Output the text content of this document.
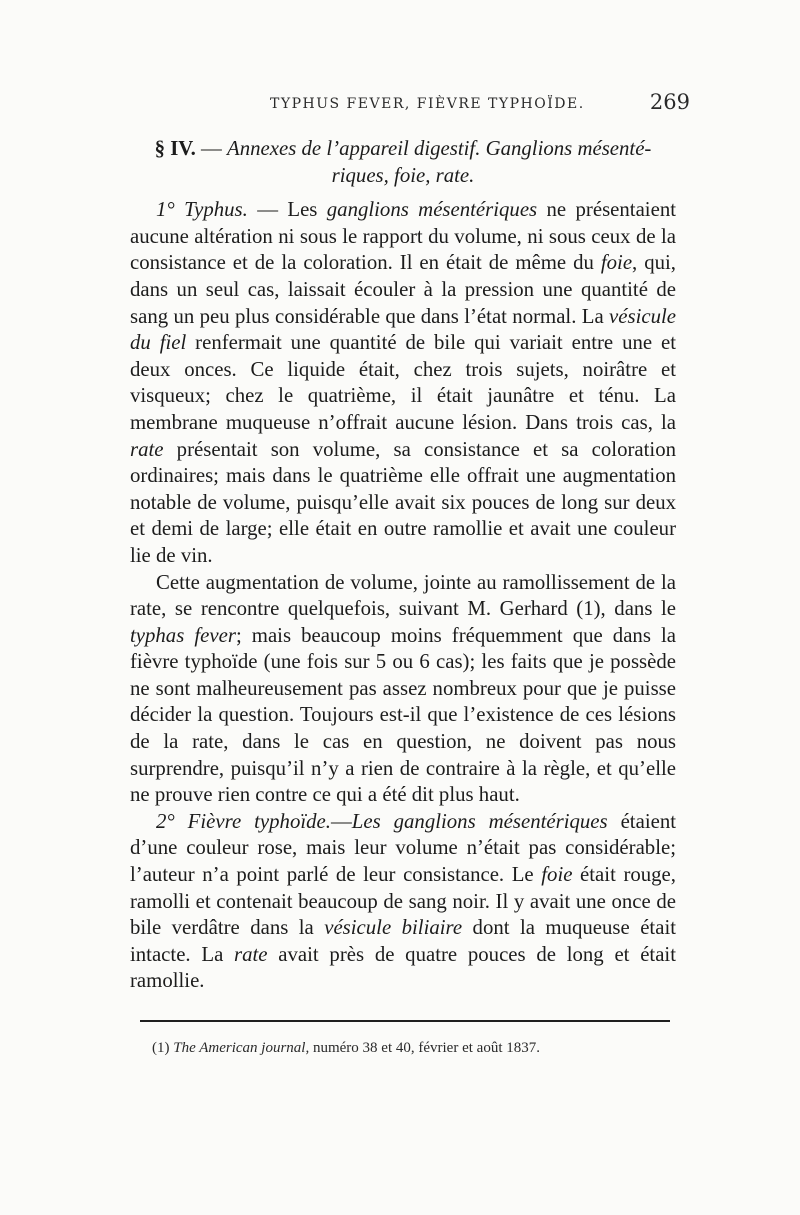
TYPHUS FEVER, FIÈVRE TYPHOÏDE.	269
§ IV. — Annexes de l’appareil digestif. Ganglions mésenté-
riques, foie, rate.

1° Typhus. — Les ganglions mésentériques ne présentaient aucune altération ni sous le rapport du volume, ni sous ceux de la consistance et de la coloration. Il en était de même du foie, qui, dans un seul cas, laissait écouler à la pression une quantité de sang un peu plus considérable que dans l’état normal. La vésicule du fiel renfermait une quantité de bile qui variait entre une et deux onces. Ce liquide était, chez trois sujets, noirâtre et visqueux; chez le quatrième, il était jaunâtre et ténu. La membrane muqueuse n’offrait aucune lésion. Dans trois cas, la rate présentait son volume, sa consistance et sa coloration ordinaires; mais dans le quatrième elle offrait une augmentation notable de volume, puisqu’elle avait six pouces de long sur deux et demi de large; elle était en outre ramollie et avait une couleur lie de vin.

Cette augmentation de volume, jointe au ramollissement de la rate, se rencontre quelquefois, suivant M. Gerhard (1), dans le typhas fever; mais beaucoup moins fréquemment que dans la fièvre typhoïde (une fois sur 5 ou 6 cas); les faits que je possède ne sont malheureusement pas assez nombreux pour que je puisse décider la question. Toujours est-il que l’existence de ces lésions de la rate, dans le cas en question, ne doivent pas nous surprendre, puisqu’il n’y a rien de contraire à la règle, et qu’elle ne prouve rien contre ce qui a été dit plus haut.

2° Fièvre typhoïde.—Les ganglions mésentériques étaient d’une couleur rose, mais leur volume n’était pas considérable; l’auteur n’a point parlé de leur consistance. Le foie était rouge, ramolli et contenait beaucoup de sang noir. Il y avait une once de bile verdâtre dans la vésicule biliaire dont la muqueuse était intacte. La rate avait près de quatre pouces de long et était ramollie.

(1) The American journal, numéro 38 et 40, février et août 1837.
